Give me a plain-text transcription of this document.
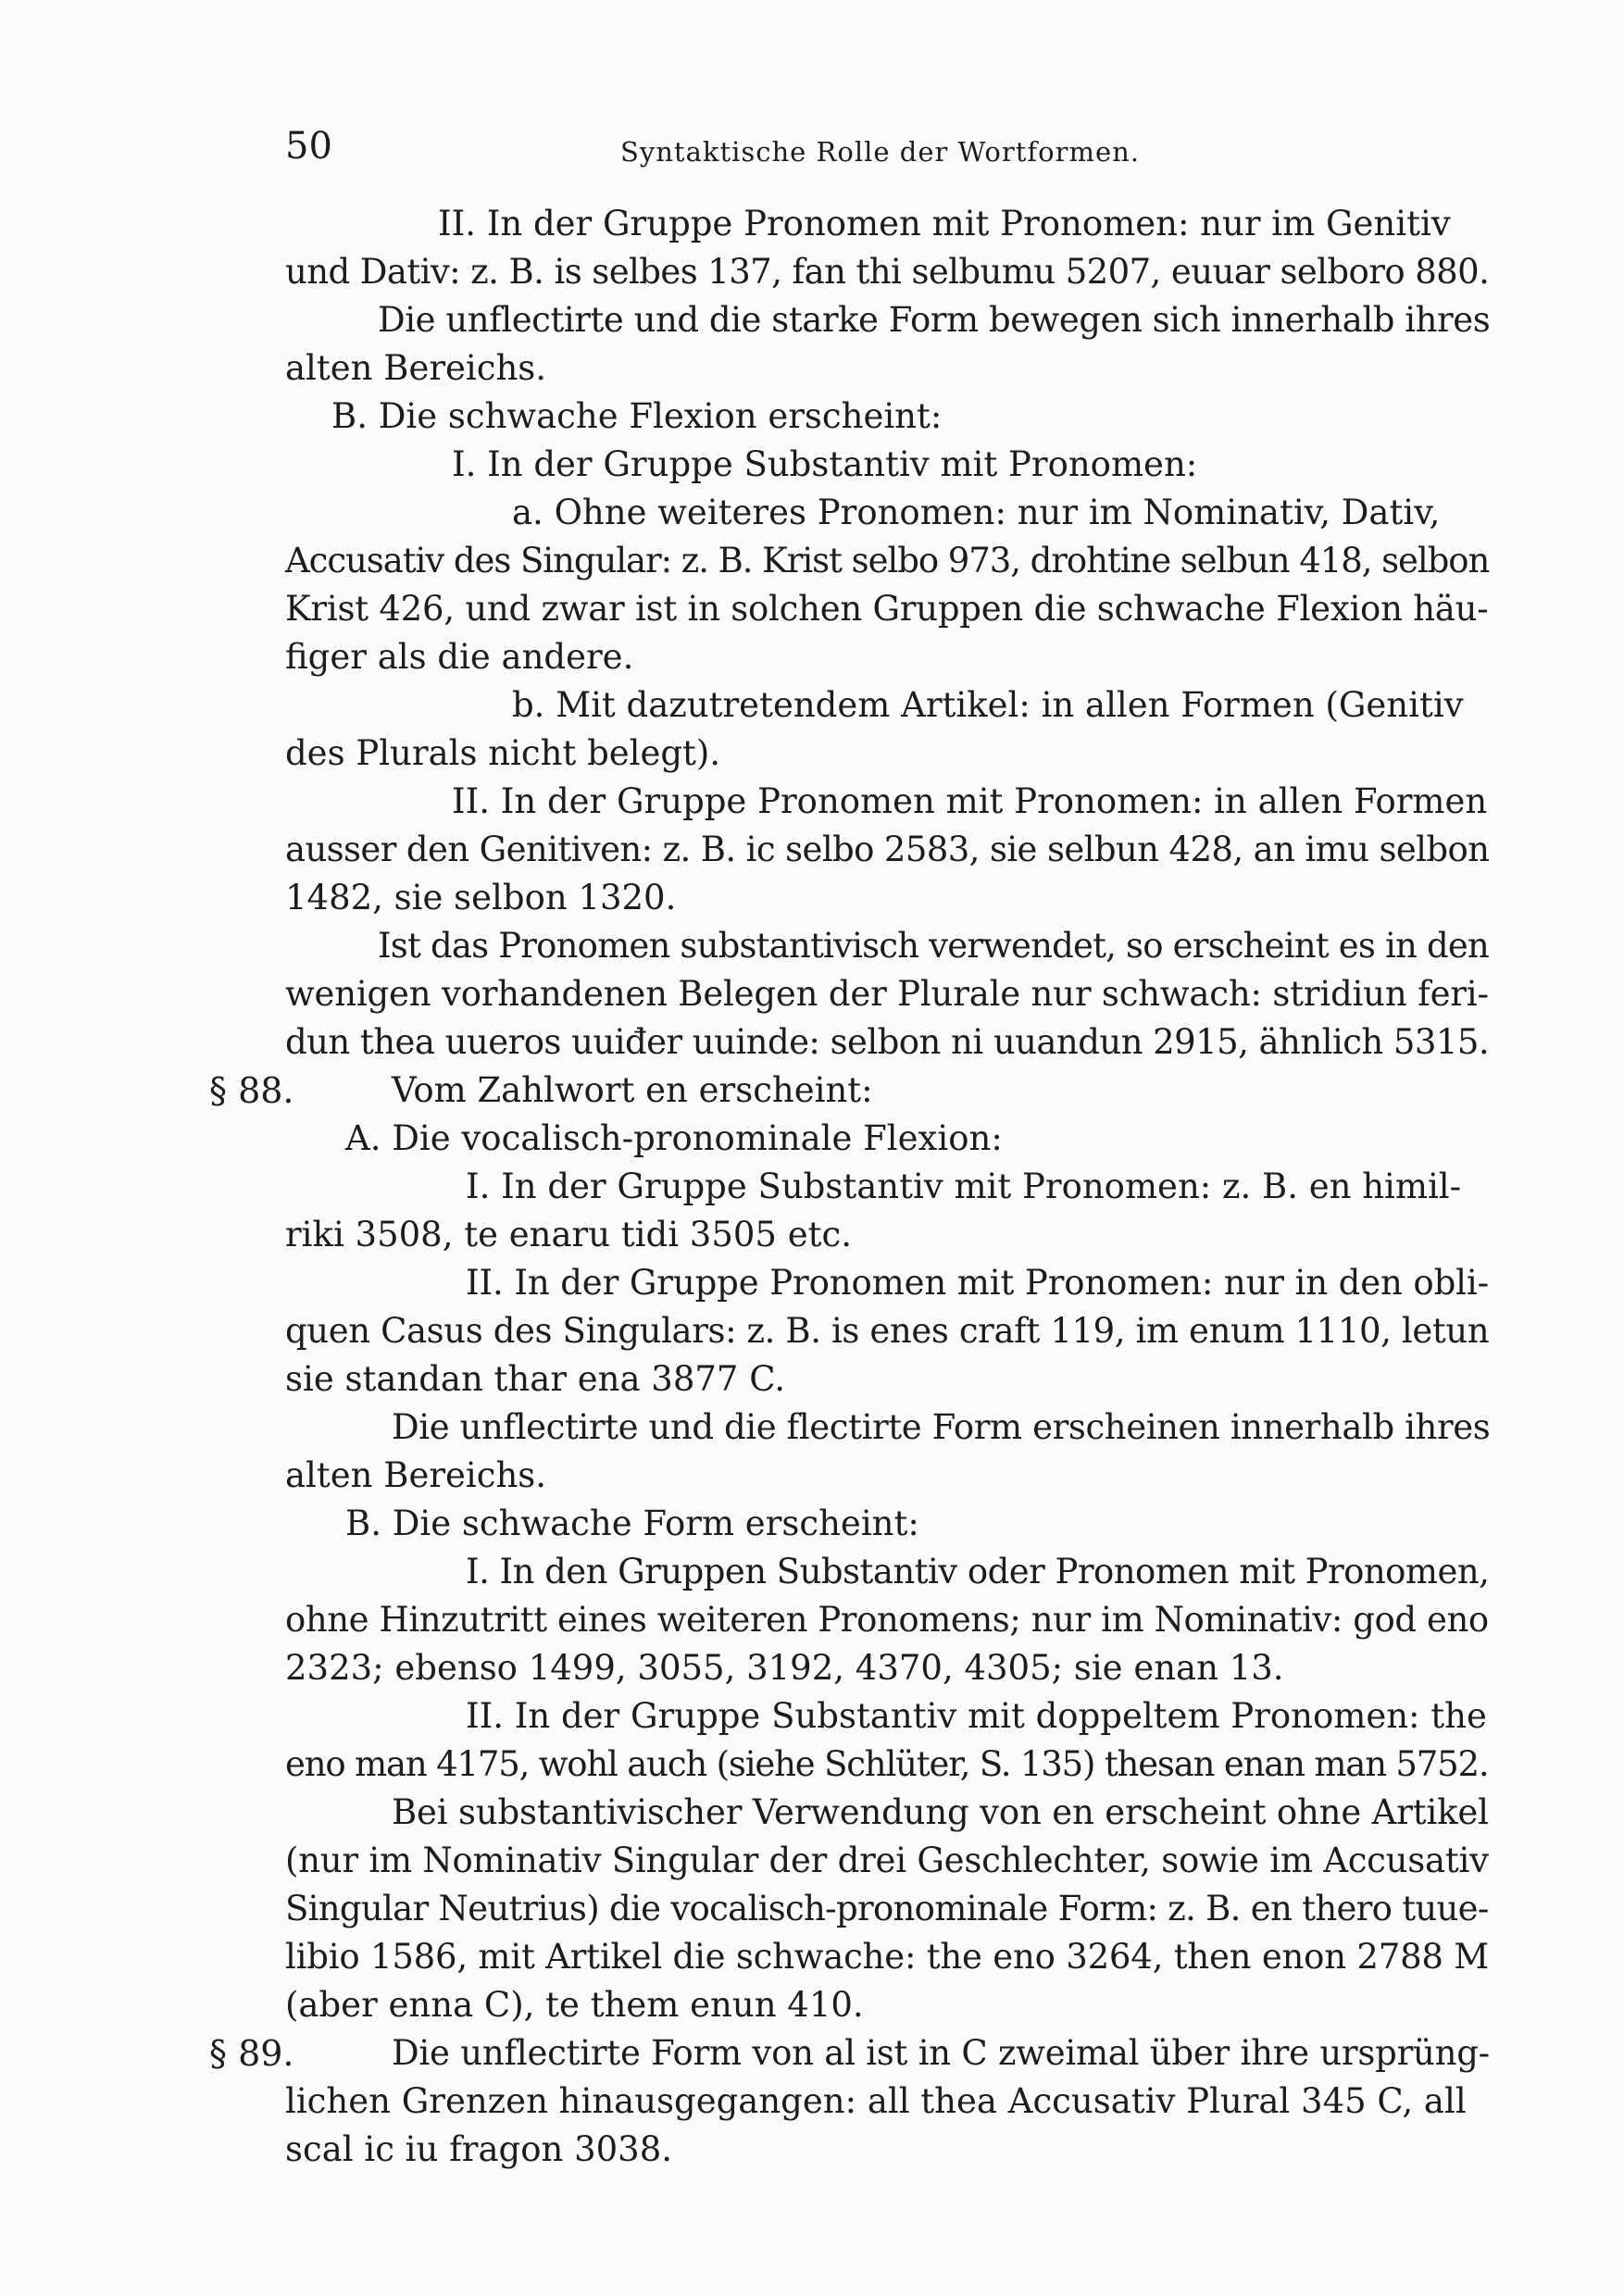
50	Syntaktische Rolle der Wortformen.
II. In der Gruppe Pronomen mit Pronomen: nur im Genitiv
und Dativ: z. B. is selbes 137, fan thi selbumu 5207, euuar selboro 880.
Die unflectirte und die starke Form bewegen sich innerhalb ihres
alten Bereichs.
B. Die schwache Flexion erscheint:
I. In der Gruppe Substantiv mit Pronomen:
a. Ohne weiteres Pronomen: nur im Nominativ, Dativ,
Accusativ des Singular: z. B. Krist selbo 973, drohtine selbun 418, selbon
Krist 426, und zwar ist in solchen Gruppen die schwache Flexion häu-
figer als die andere.
b. Mit dazutretendem Artikel: in allen Formen (Genitiv
des Plurals nicht belegt).
II. In der Gruppe Pronomen mit Pronomen: in allen Formen
ausser den Genitiven: z. B. ic selbo 2583, sie selbun 428, an imu selbon
1482, sie selbon 1320.
Ist das Pronomen substantivisch verwendet, so erscheint es in den
wenigen vorhandenen Belegen der Plurale nur schwach: stridiun feri-
dun thea uueros uuiđer uuinde: selbon ni uuandun 2915, ähnlich 5315.
§ 88.	Vom Zahlwort en erscheint:
A. Die vocalisch-pronominale Flexion:
I. In der Gruppe Substantiv mit Pronomen: z. B. en himil-
riki 3508, te enaru tidi 3505 etc.
II. In der Gruppe Pronomen mit Pronomen: nur in den obli-
quen Casus des Singulars: z. B. is enes craft 119, im enum 1110, letun
sie standan thar ena 3877 C.
Die unflectirte und die flectirte Form erscheinen innerhalb ihres
alten Bereichs.
B. Die schwache Form erscheint:
I. In den Gruppen Substantiv oder Pronomen mit Pronomen,
ohne Hinzutritt eines weiteren Pronomens; nur im Nominativ: god eno
2323; ebenso 1499, 3055, 3192, 4370, 4305; sie enan 13.
II. In der Gruppe Substantiv mit doppeltem Pronomen: the
eno man 4175, wohl auch (siehe Schlüter, S. 135) thesan enan man 5752.
Bei substantivischer Verwendung von en erscheint ohne Artikel
(nur im Nominativ Singular der drei Geschlechter, sowie im Accusativ
Singular Neutrius) die vocalisch-pronominale Form: z. B. en thero tuue-
libio 1586, mit Artikel die schwache: the eno 3264, then enon 2788 M
(aber enna C), te them enun 410.
§ 89.	Die unflectirte Form von al ist in C zweimal über ihre ursprüng-
lichen Grenzen hinausgegangen: all thea Accusativ Plural 345 C, all
scal ic iu fragon 3038.
